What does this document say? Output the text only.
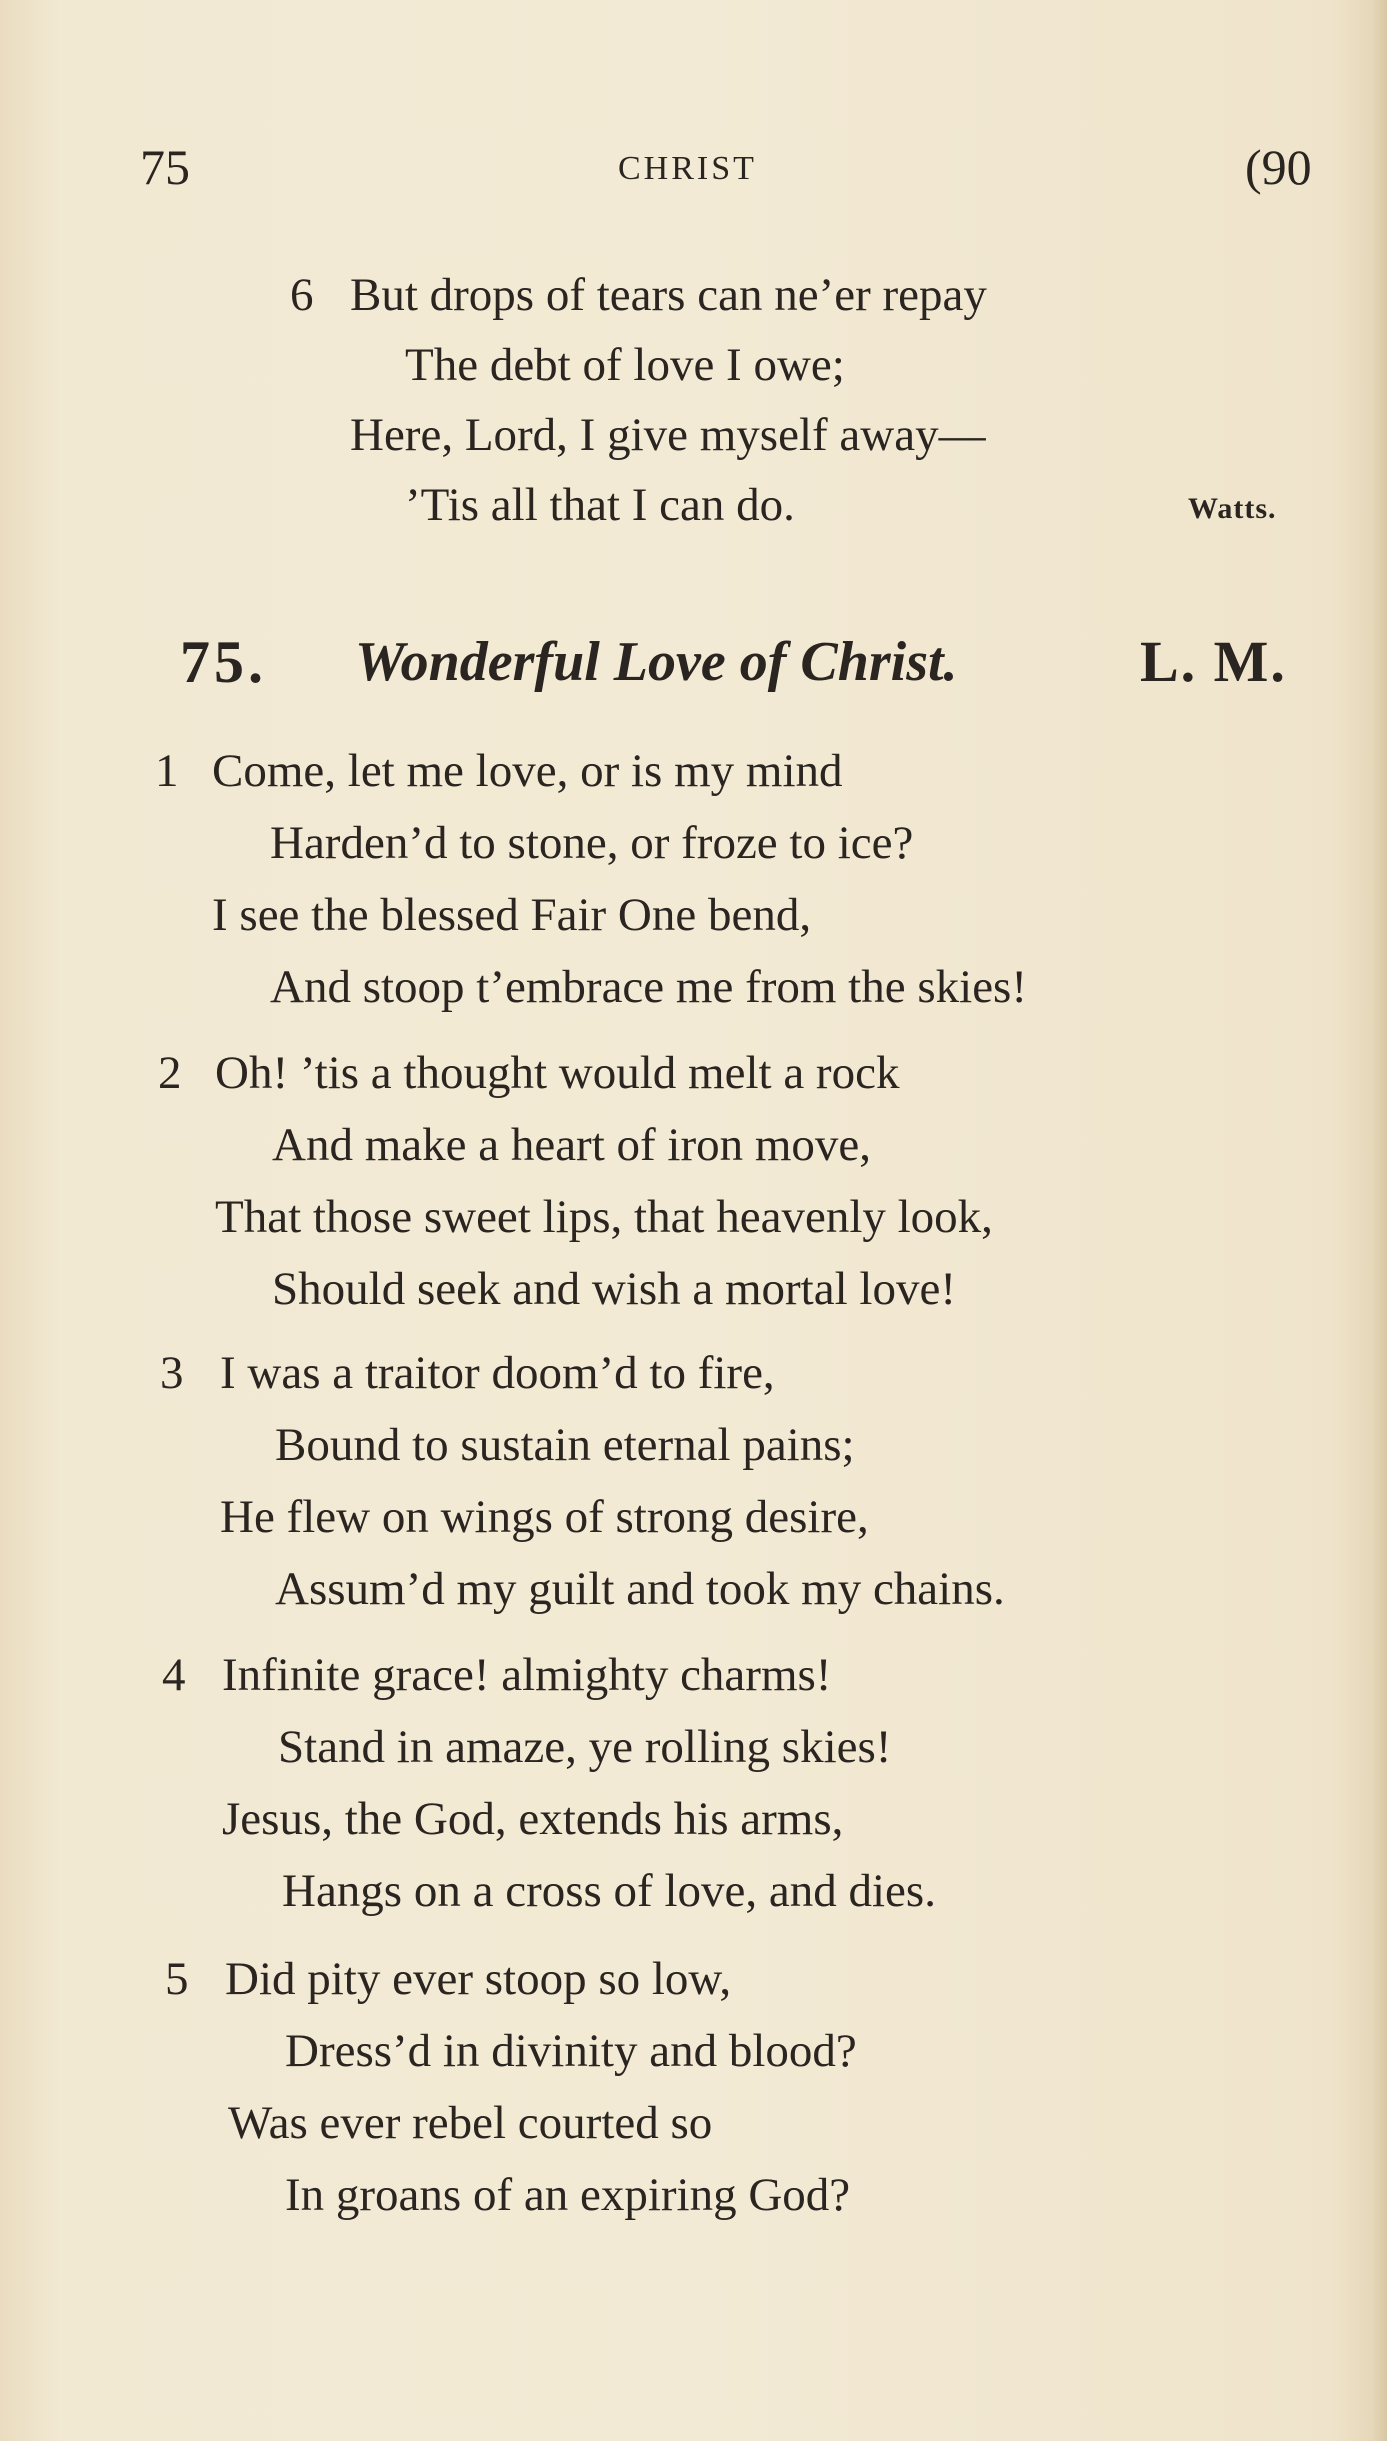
75	CHRIST	(90
6 But drops of tears can ne’er repay
The debt of love I owe;
Here, Lord, I give myself away—
’Tis all that I can do.	Watts.
75. Wonderful Love of Christ.	L. M.
1 Come, let me love, or is my mind
Harden’d to stone, or froze to ice?
I see the blessed Fair One bend,
And stoop t’embrace me from the skies!
2 Oh! ’tis a thought would melt a rock
And make a heart of iron move,
That those sweet lips, that heavenly look,
Should seek and wish a mortal love!
3 I was a traitor doom’d to fire,
Bound to sustain eternal pains;
He flew on wings of strong desire,
Assum’d my guilt and took my chains.
4 Infinite grace! almighty charms!
Stand in amaze, ye rolling skies!
Jesus, the God, extends his arms,
Hangs on a cross of love, and dies.
5 Did pity ever stoop so low,
Dress’d in divinity and blood?
Was ever rebel courted so
In groans of an expiring God?
